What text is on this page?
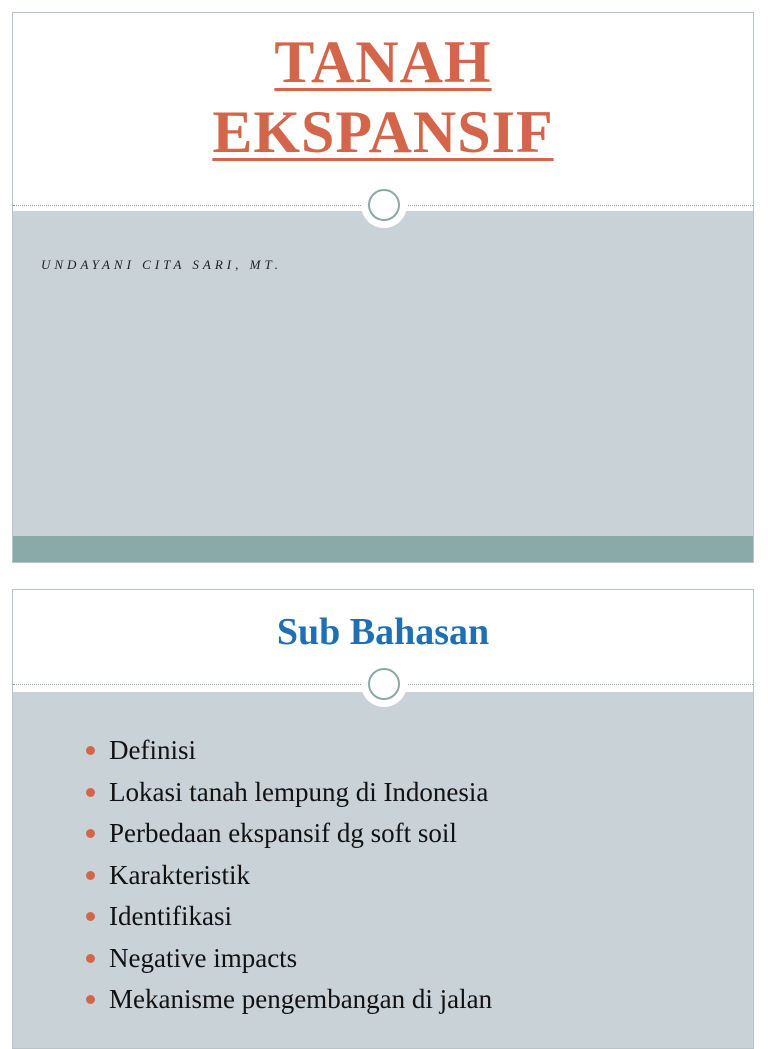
TANAH
EKSPANSIF
UNDAYANI CITA SARI, MT.
Sub Bahasan
Definisi
Lokasi tanah lempung di Indonesia
Perbedaan ekspansif dg soft soil
Karakteristik
Identifikasi
Negative impacts
Mekanisme pengembangan di jalan
